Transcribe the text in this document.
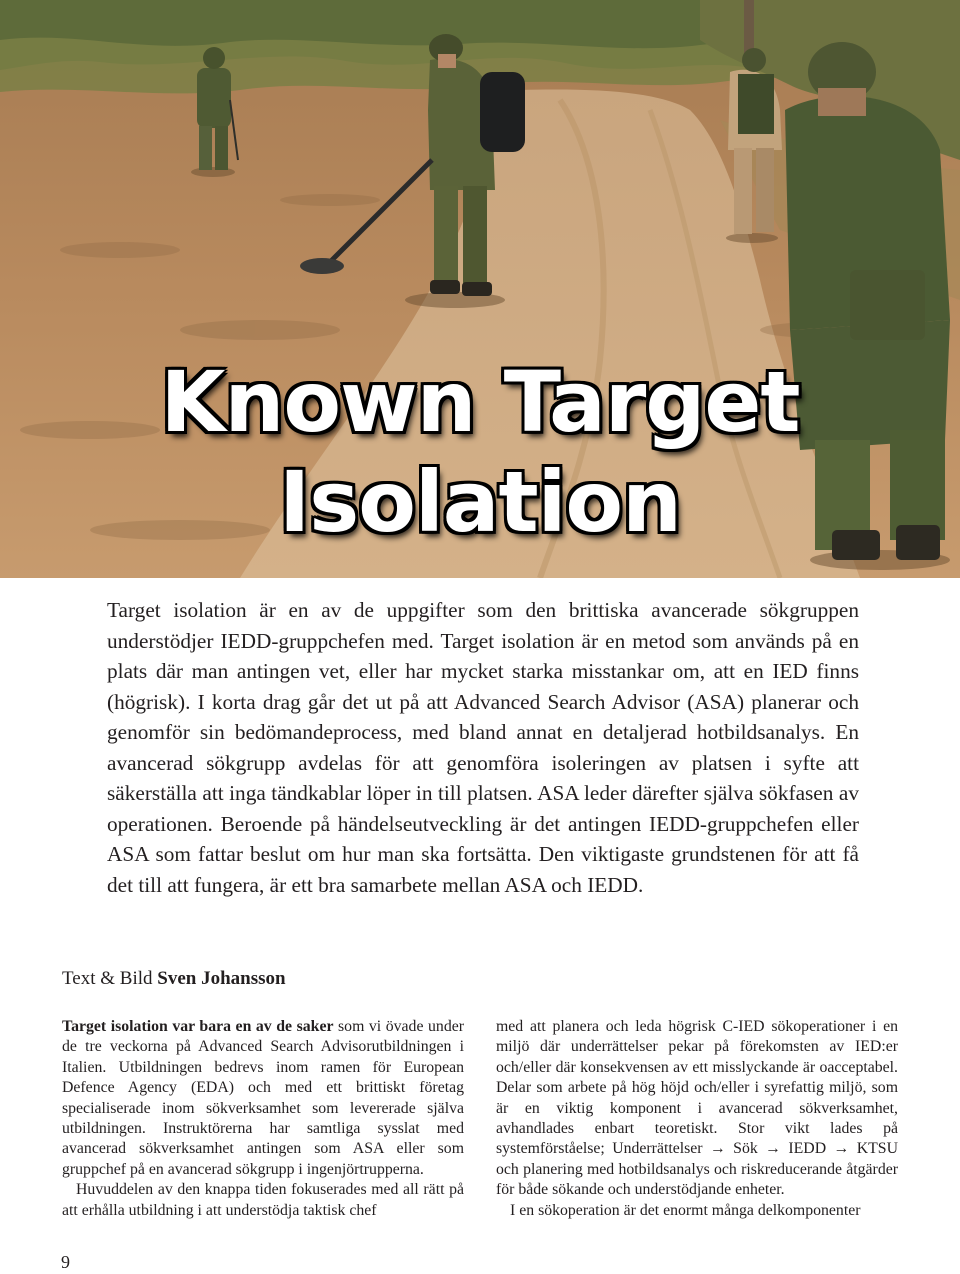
Known Target
Isolation

Target isolation är en av de uppgifter som den brittiska avancerade sökgruppen understödjer IEDD-gruppchefen med. Target isolation är en metod som används på en plats där man antingen vet, eller har mycket starka misstankar om, att en IED finns (högrisk). I korta drag går det ut på att Advanced Search Advisor (ASA) planerar och genomför sin bedömandeprocess, med bland annat en detaljerad hotbildsanalys. En avancerad sökgrupp avdelas för att genomföra isoleringen av platsen i syfte att säkerställa att inga tändkablar löper in till platsen. ASA leder därefter själva sökfasen av operationen. Beroende på händelseutveckling är det antingen IEDD-gruppchefen eller ASA som fattar beslut om hur man ska fortsätta. Den viktigaste grundstenen för att få det till att fungera, är ett bra samarbete mellan ASA och IEDD.

Text & Bild Sven Johansson

Target isolation var bara en av de saker som vi övade under de tre veckorna på Advanced Search Advisorutbildningen i Italien. Utbildningen bedrevs inom ramen för European Defence Agency (EDA) och med ett brittiskt företag specialiserade inom sökverksamhet som levererade själva utbildningen. Instruktörerna har samtliga sysslat med avancerad sökverksamhet antingen som ASA eller som gruppchef på en avancerad sökgrupp i ingenjörtrupperna.

Huvuddelen av den knappa tiden fokuserades med all rätt på att erhålla utbildning i att understödja taktisk chef

med att planera och leda högrisk C-IED sökoperationer i en miljö där underrättelser pekar på förekomsten av IED:er och/eller där konsekvensen av ett misslyckande är oacceptabel. Delar som arbete på hög höjd och/eller i syrefattig miljö, som är en viktig komponent i avancerad sökverksamhet, avhandlades enbart teoretiskt. Stor vikt lades på systemförståelse; Underrättelser → Sök → IEDD → KTSU och planering med hotbildsanalys och riskreducerande åtgärder för både sökande och understödjande enheter.

I en sökoperation är det enormt många delkomponenter

9
